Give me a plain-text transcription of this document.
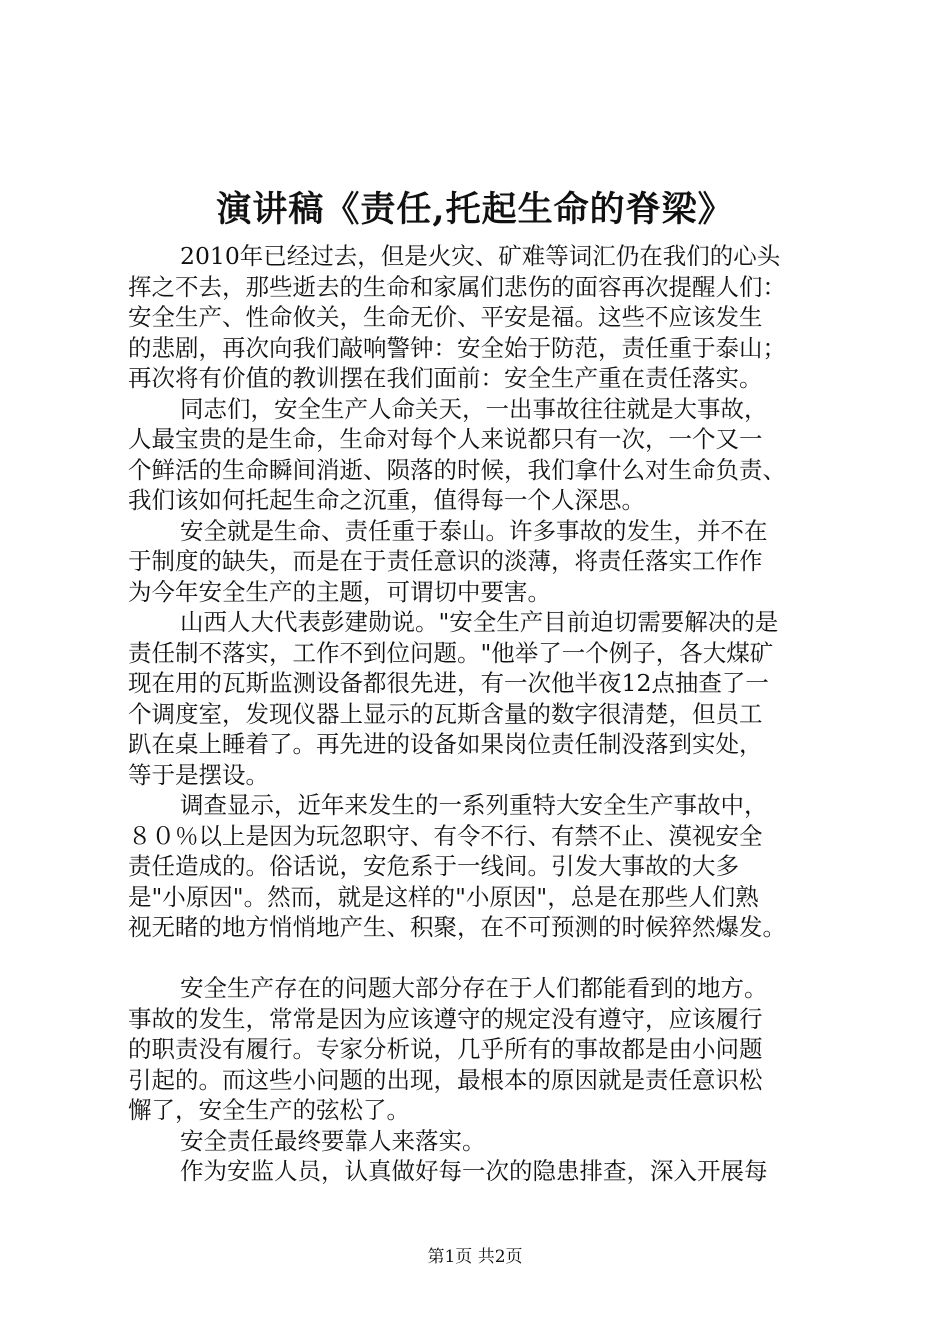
演讲稿《责任,托起生命的脊梁》
2010年已经过去，但是火灾、矿难等词汇仍在我们的心头
挥之不去，那些逝去的生命和家属们悲伤的面容再次提醒人们：
安全生产、性命攸关，生命无价、平安是福。这些不应该发生
的悲剧，再次向我们敲响警钟：安全始于防范，责任重于泰山；
再次将有价值的教训摆在我们面前：安全生产重在责任落实。
同志们，安全生产人命关天，一出事故往往就是大事故，
人最宝贵的是生命，生命对每个人来说都只有一次，一个又一
个鲜活的生命瞬间消逝、陨落的时候，我们拿什么对生命负责、
我们该如何托起生命之沉重，值得每一个人深思。
安全就是生命、责任重于泰山。许多事故的发生，并不在
于制度的缺失，而是在于责任意识的淡薄，将责任落实工作作
为今年安全生产的主题，可谓切中要害。
山西人大代表彭建勋说。"安全生产目前迫切需要解决的是
责任制不落实，工作不到位问题。"他举了一个例子，各大煤矿
现在用的瓦斯监测设备都很先进，有一次他半夜12点抽查了一
个调度室，发现仪器上显示的瓦斯含量的数字很清楚，但员工
趴在桌上睡着了。再先进的设备如果岗位责任制没落到实处，
等于是摆设。
调查显示，近年来发生的一系列重特大安全生产事故中，
８０％以上是因为玩忽职守、有令不行、有禁不止、漠视安全
责任造成的。俗话说，安危系于一线间。引发大事故的大多
是"小原因"。然而，就是这样的"小原因"，总是在那些人们熟
视无睹的地方悄悄地产生、积聚，在不可预测的时候猝然爆发。
安全生产存在的问题大部分存在于人们都能看到的地方。
事故的发生，常常是因为应该遵守的规定没有遵守，应该履行
的职责没有履行。专家分析说，几乎所有的事故都是由小问题
引起的。而这些小问题的出现，最根本的原因就是责任意识松
懈了，安全生产的弦松了。
安全责任最终要靠人来落实。
作为安监人员，认真做好每一次的隐患排查，深入开展每
第1页 共2页
